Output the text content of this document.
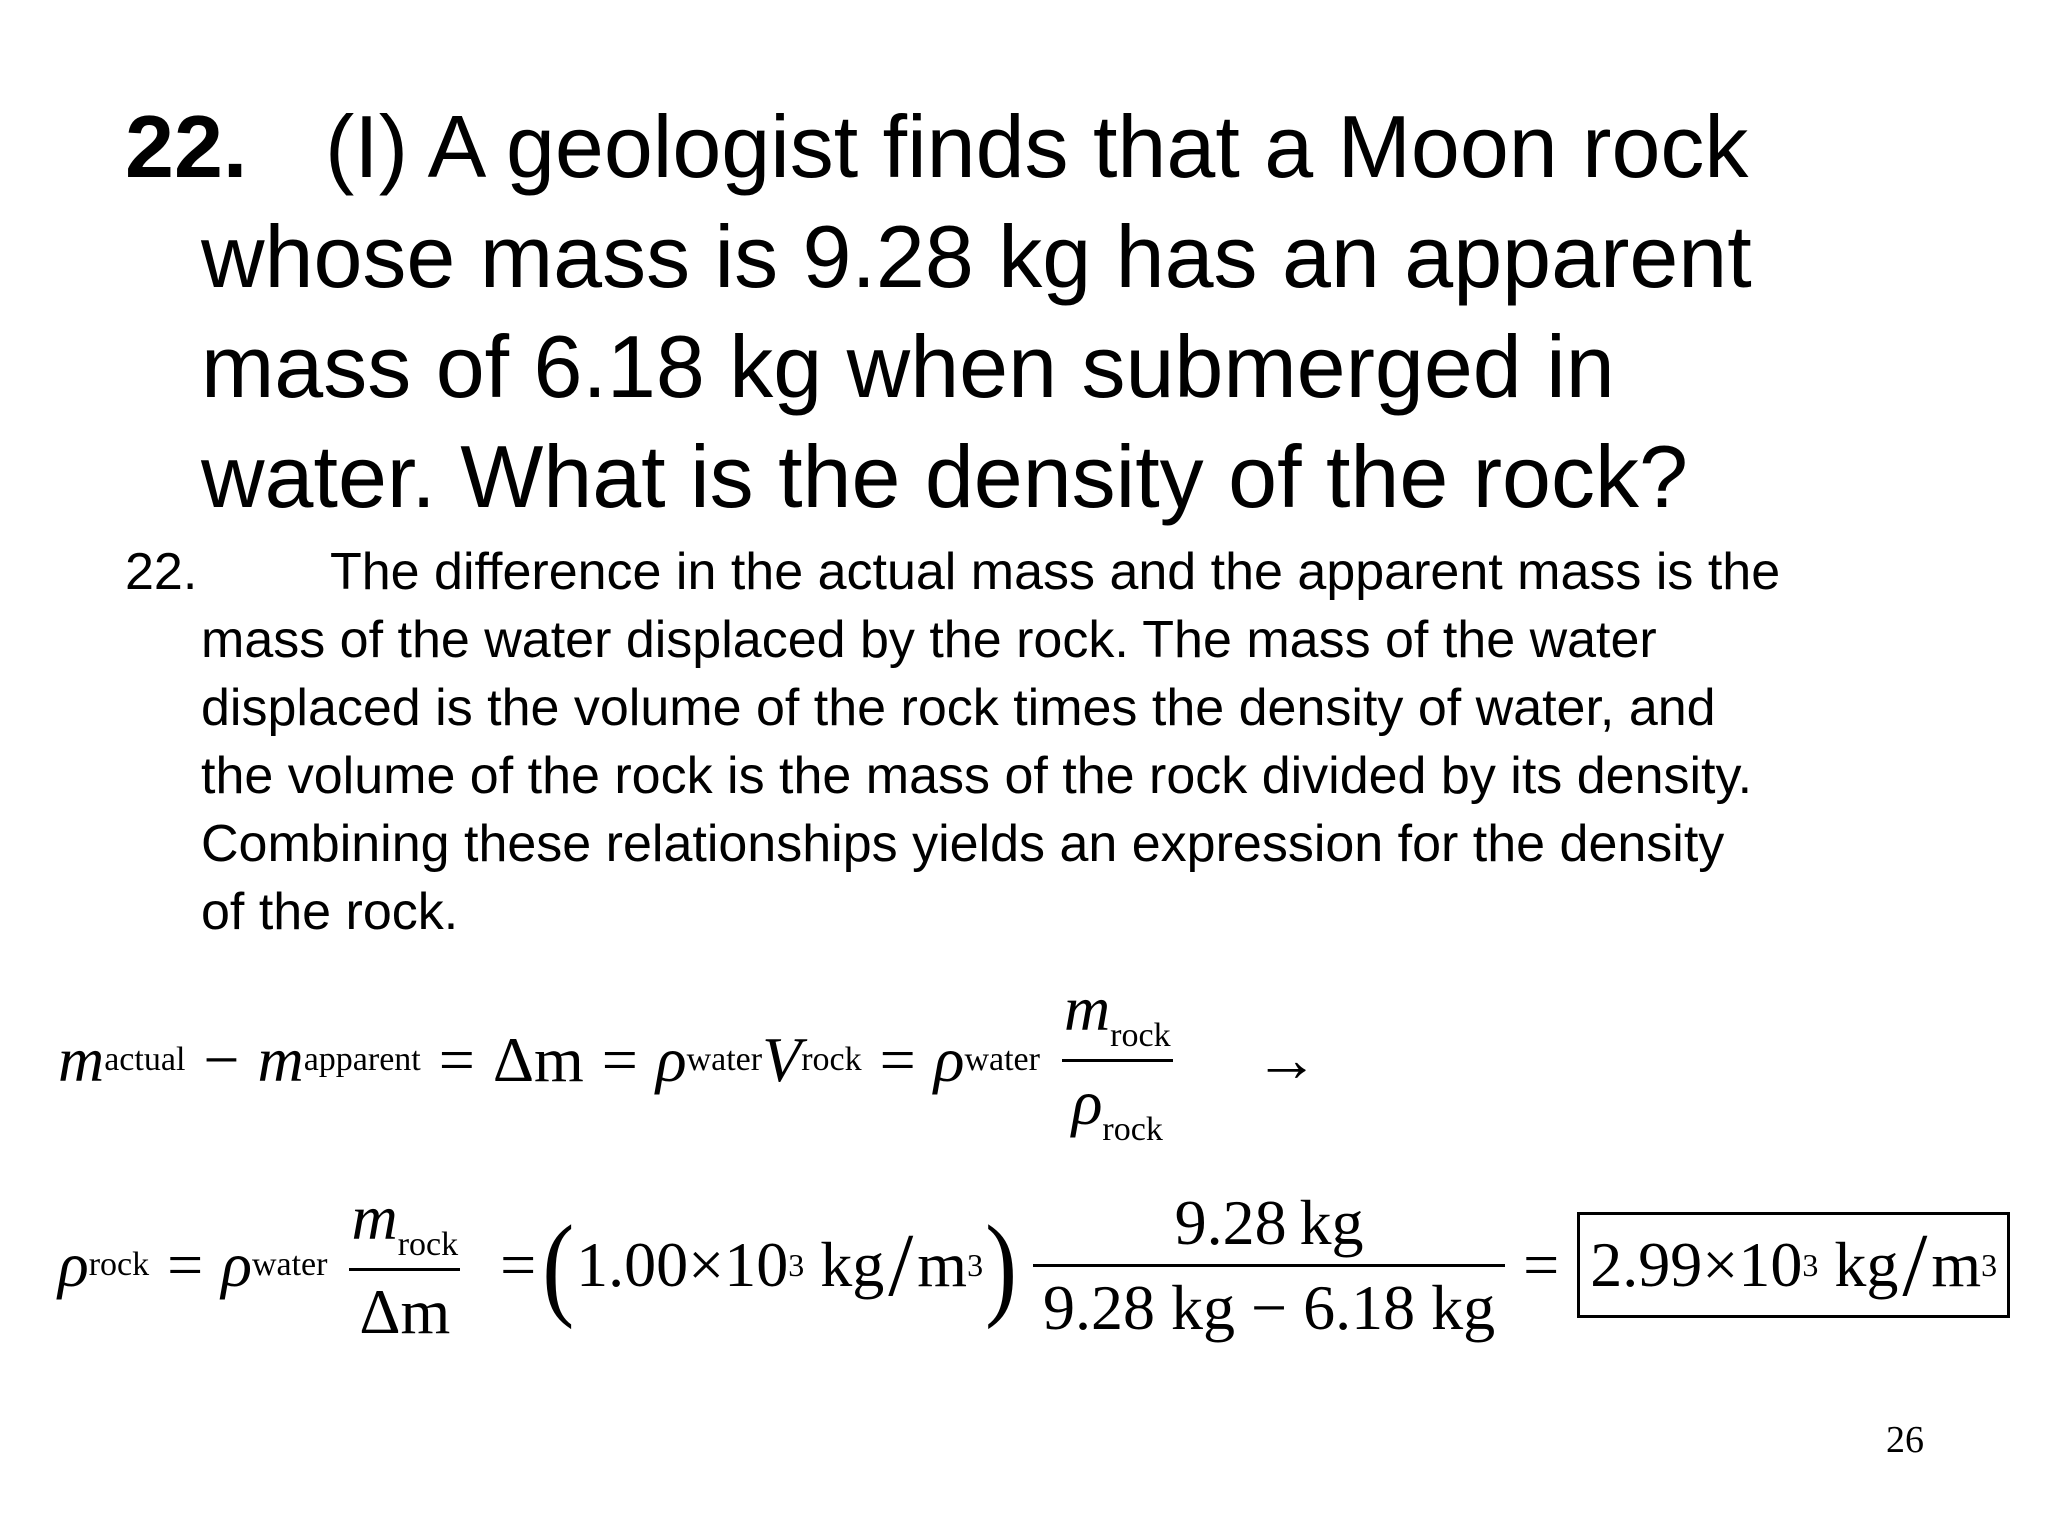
22. (I) A geologist finds that a Moon rock
whose mass is 9.28 kg has an apparent
mass of 6.18 kg when submerged in
water. What is the density of the rock?
22.	The difference in the actual mass and the apparent mass is the
mass of the water displaced by the rock. The mass of the water
displaced is the volume of the rock times the density of water, and
the volume of the rock is the mass of the rock divided by its density.
Combining these relationships yields an expression for the density
of the rock.
m actual − m apparent = Δm = ρ water V rock = ρ water $\frac{m_{rock}}{\rho_{rock}}$ →
ρ rock = ρ water $\frac{m_{rock}}{\Delta m}$ = ( 1.00×10 3 kg / m 3 ) $\frac{9.28 kg}{9.28 kg - 6.18 kg} = 2.99\times 10$ 3 kg / m 3
26
